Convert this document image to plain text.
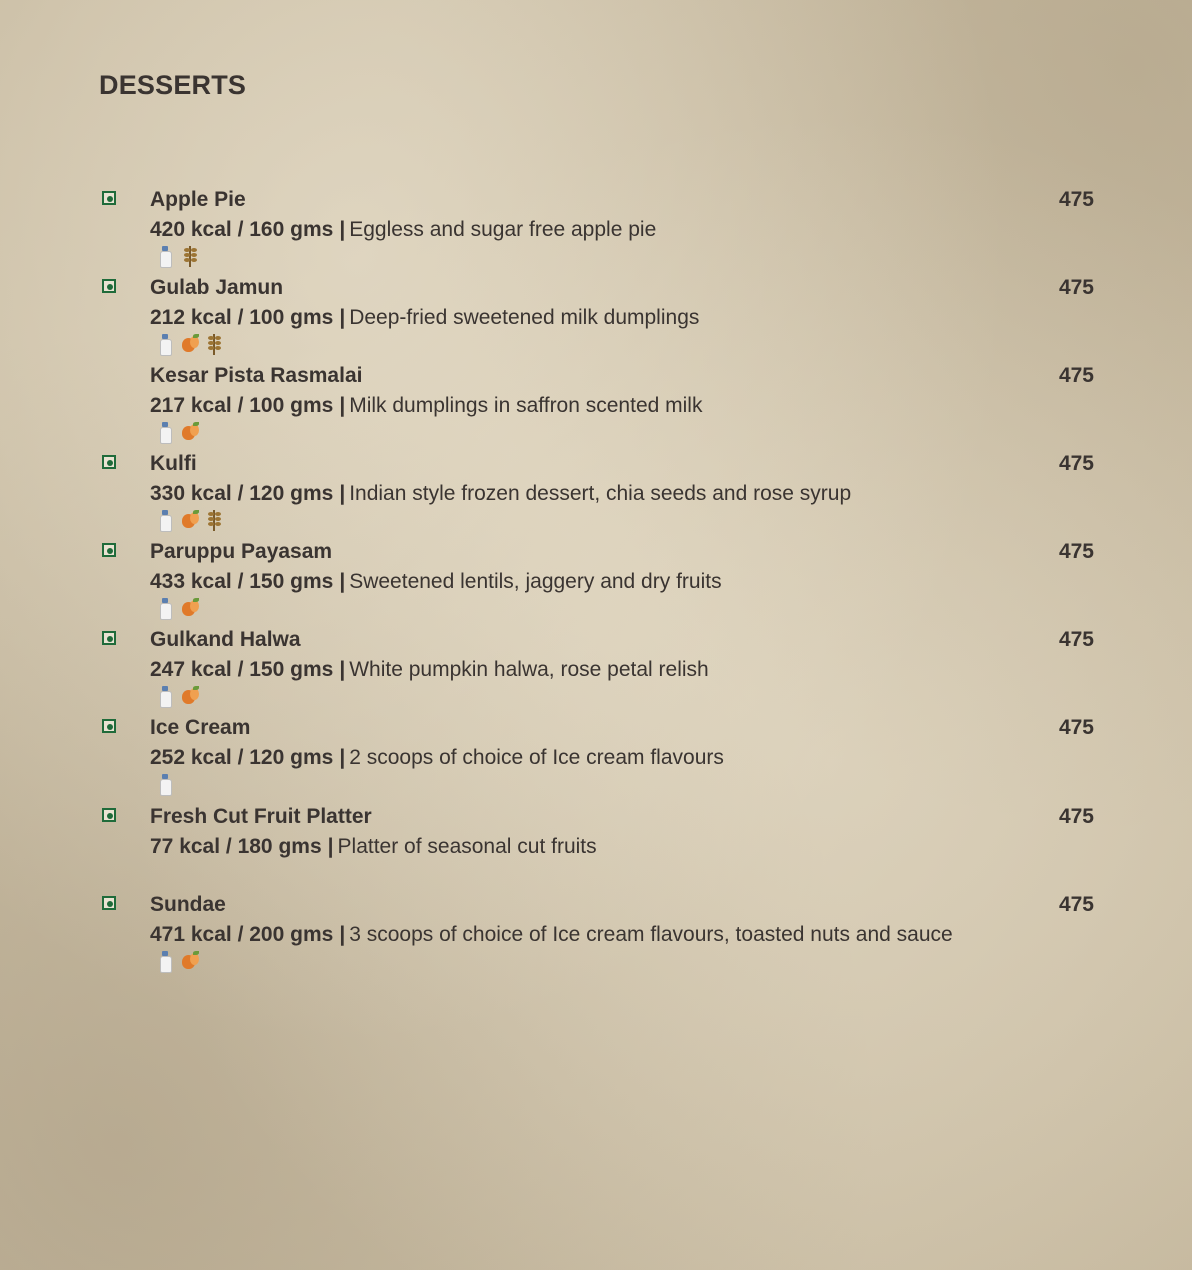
DESSERTS
Apple Pie	475
420 kcal / 160 gms | Eggless and sugar free apple pie
Gulab Jamun	475
212 kcal / 100 gms | Deep-fried sweetened milk dumplings
Kesar Pista Rasmalai	475
217 kcal / 100 gms | Milk dumplings in saffron scented milk
Kulfi	475
330 kcal / 120 gms | Indian style frozen dessert, chia seeds and rose syrup
Paruppu Payasam	475
433 kcal / 150 gms | Sweetened lentils, jaggery and dry fruits
Gulkand Halwa	475
247 kcal / 150 gms | White pumpkin halwa, rose petal relish
Ice Cream	475
252 kcal / 120 gms | 2 scoops of choice of Ice cream flavours
Fresh Cut Fruit Platter	475
77 kcal / 180 gms | Platter of seasonal cut fruits
Sundae	475
471 kcal / 200 gms | 3 scoops of choice of Ice cream flavours, toasted nuts and sauce
